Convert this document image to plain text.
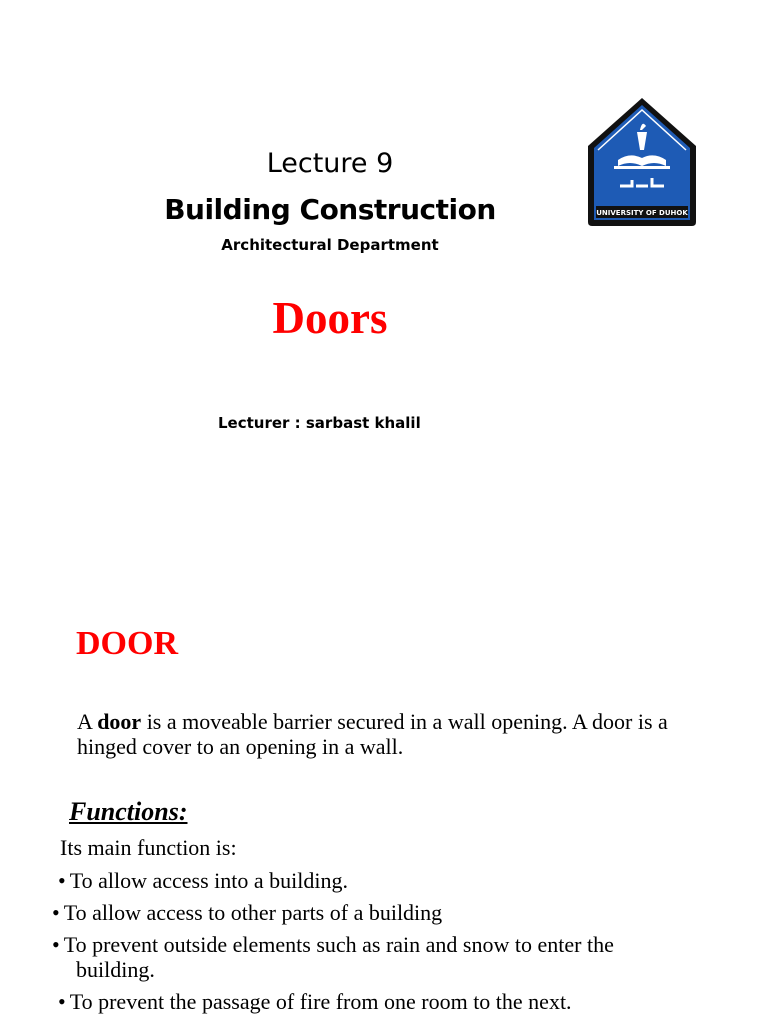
Lecture 9
Building Construction
Architectural Department
Doors
Lecturer : sarbast khalil
UNIVERSITY OF DUHOK
DOOR
A door is a moveable barrier secured in a wall opening. A door is a hinged cover to an opening in a wall.
Functions:
Its main function is:
• To allow access into a building.
• To allow access to other parts of a building
• To prevent outside elements such as rain and snow to enter the
building.
• To prevent the passage of fire from one room to the next.
